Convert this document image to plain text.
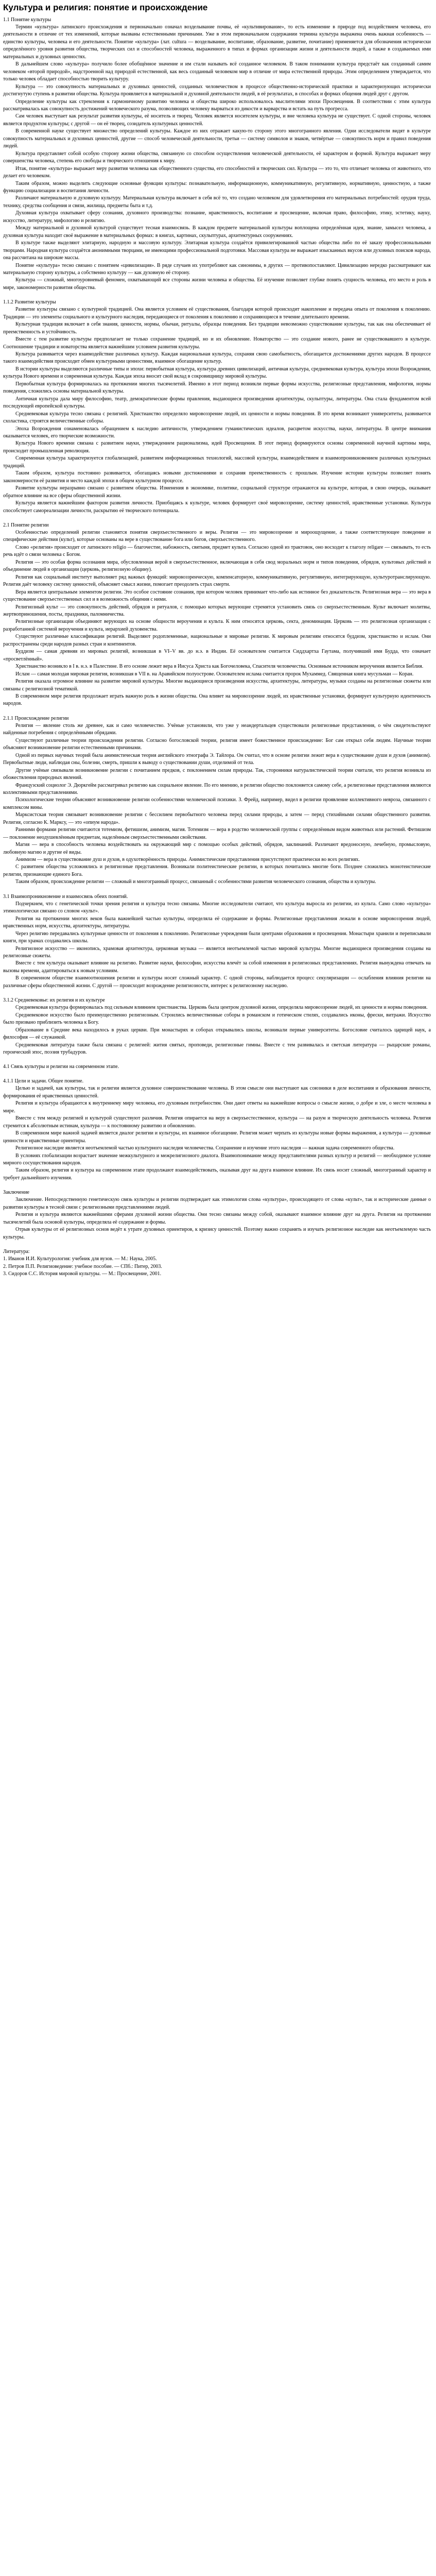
Культура и религия: понятие и происхождение

1.1 Понятие культуры

Термин «культура» латинского происхождения и первоначально означал возделывание почвы, её «культивирование», то есть изменение в природе под воздействием человека, его деятельности в отличие от тех изменений, которые вызваны естественными причинами. Уже в этом первоначальном содержании термина культура выражена очень важная особенность — единство культуры, человека и его деятельности. Понятие «культура» (лат. cultura — возделывание, воспитание, образование, развитие, почитание) применяется для обозначения исторически определённого уровня развития общества, творческих сил и способностей человека, выраженного в типах и формах организации жизни и деятельности людей, а также в создаваемых ими материальных и духовных ценностях.

В дальнейшем слово «культура» получило более обобщённое значение и им стали называть всё созданное человеком. В таком понимании культура предстаёт как созданный самим человеком «второй природой», надстроенной над природой естественной, как весь созданный человеком мир в отличие от мира естественной природы. Этим определением утверждается, что только человек обладает способностью творить культуру.

Культура — это совокупность материальных и духовных ценностей, созданных человечеством в процессе общественно-исторической практики и характеризующих исторически достигнутую ступень в развитии общества. Культура проявляется в материальной и духовной деятельности людей, в её результатах, в способах и формах общения людей друг с другом.

Определение культуры как стремления к гармоничному развитию человека и общества широко использовалось мыслителями эпохи Просвещения. В соответствии с этим культура рассматривалась как совокупность достижений человеческого разума, позволяющих человеку вырваться из дикости и варварства и встать на путь прогресса.

Сам человек выступает как результат развития культуры, её носитель и творец. Человек является носителем культуры, и вне человека культура не существует. С одной стороны, человек является продуктом культуры; с другой — он её творец, созидатель культурных ценностей.

В современной науке существует множество определений культуры. Каждое из них отражает какую-то сторону этого многогранного явления. Одни исследователи видят в культуре совокупность материальных и духовных ценностей, другие — способ человеческой деятельности, третьи — систему символов и знаков, четвёртые — совокупность норм и правил поведения людей.

Культура представляет собой особую сторону жизни общества, связанную со способом осуществления человеческой деятельности, её характером и формой. Культура выражает меру совершенства человека, степень его свободы и творческого отношения к миру.

Итак, понятие «культура» выражает меру развития человека как общественного существа, его способностей и творческих сил. Культура — это то, что отличает человека от животного, что делает его человеком.

Таким образом, можно выделить следующие основные функции культуры: познавательную, информационную, коммуникативную, регулятивную, нормативную, ценностную, а также функцию социализации и воспитания личности.

Различают материальную и духовную культуру. Материальная культура включает в себя всё то, что создано человеком для удовлетворения его материальных потребностей: орудия труда, технику, средства сообщения и связи, жилища, предметы быта и т.д.

Духовная культура охватывает сферу сознания, духовного производства: познание, нравственность, воспитание и просвещение, включая право, философию, этику, эстетику, науку, искусство, литературу, мифологию и религию.

Между материальной и духовной культурой существует тесная взаимосвязь. В каждом предмете материальной культуры воплощена определённая идея, знание, замысел человека, а духовная культура находит своё выражение в материальных формах: в книгах, картинах, скульптурах, архитектурных сооружениях.

В культуре также выделяют элитарную, народную и массовую культуру. Элитарная культура создаётся привилегированной частью общества либо по её заказу профессиональными творцами. Народная культура создаётся анонимными творцами, не имеющими профессиональной подготовки. Массовая культура не выражает изысканных вкусов или духовных поисков народа, она рассчитана на широкие массы.

Понятие «культура» тесно связано с понятием «цивилизация». В ряде случаев их употребляют как синонимы, в других — противопоставляют. Цивилизацию нередко рассматривают как материальную сторону культуры, а собственно культуру — как духовную её сторону.

Культура — сложный, многоуровневый феномен, охватывающий все стороны жизни человека и общества. Её изучение позволяет глубже понять сущность человека, его место и роль в мире, закономерности развития общества.

1.1.2 Развитие культуры

Развитие культуры связано с культурной традицией. Она является условием её существования, благодаря которой происходит накопление и передача опыта от поколения к поколению. Традиции — это элементы социального и культурного наследия, передающиеся от поколения к поколению и сохраняющиеся в течение длительного времени.

Культурная традиция включает в себя знания, ценности, нормы, обычаи, ритуалы, образцы поведения. Без традиции невозможно существование культуры, так как она обеспечивает её преемственность и устойчивость.

Вместе с тем развитие культуры предполагает не только сохранение традиций, но и их обновление. Новаторство — это создание нового, ранее не существовавшего в культуре. Соотношение традиции и новаторства является важнейшим условием развития культуры.

Культура развивается через взаимодействие различных культур. Каждая национальная культура, сохраняя свою самобытность, обогащается достижениями других народов. В процессе такого взаимодействия происходит обмен культурными ценностями, взаимное обогащение культур.

В истории культуры выделяются различные типы и эпохи: первобытная культура, культура древних цивилизаций, античная культура, средневековая культура, культура эпохи Возрождения, культура Нового времени и современная культура. Каждая эпоха вносит свой вклад в сокровищницу мировой культуры.

Первобытная культура формировалась на протяжении многих тысячелетий. Именно в этот период возникли первые формы искусства, религиозные представления, мифология, нормы поведения, сложились основы материальной культуры.

Античная культура дала миру философию, театр, демократические формы правления, выдающиеся произведения архитектуры, скульптуры, литературы. Она стала фундаментом всей последующей европейской культуры.

Средневековая культура тесно связана с религией. Христианство определяло мировоззрение людей, их ценности и нормы поведения. В это время возникают университеты, развивается схоластика, строятся величественные соборы.

Эпоха Возрождения ознаменовалась обращением к наследию античности, утверждением гуманистических идеалов, расцветом искусства, науки, литературы. В центре внимания оказывается человек, его творческие возможности.

Культура Нового времени связана с развитием науки, утверждением рационализма, идей Просвещения. В этот период формируются основы современной научной картины мира, происходит промышленная революция.

Современная культура характеризуется глобализацией, развитием информационных технологий, массовой культуры, взаимодействием и взаимопроникновением различных культурных традиций.

Таким образом, культура постоянно развивается, обогащаясь новыми достижениями и сохраняя преемственность с прошлым. Изучение истории культуры позволяет понять закономерности её развития и место каждой эпохи в общем культурном процессе.

Развитие культуры неразрывно связано с развитием общества. Изменения в экономике, политике, социальной структуре отражаются на культуре, которая, в свою очередь, оказывает обратное влияние на все сферы общественной жизни.

Культура является важнейшим фактором развития личности. Приобщаясь к культуре, человек формирует своё мировоззрение, систему ценностей, нравственные установки. Культура способствует самореализации личности, раскрытию её творческого потенциала.

2.1 Понятие религии

Особенностью определений религии становятся понятия сверхъестественного и веры. Религия — это мировоззрение и мироощущение, а также соответствующее поведение и специфические действия (культ), которые основаны на вере в существование бога или богов, сверхъестественного.

Слово «религия» происходит от латинского religio — благочестие, набожность, святыня, предмет культа. Согласно одной из трактовок, оно восходит к глаголу religare — связывать, то есть речь идёт о связи человека с Богом.

Религия — это особая форма осознания мира, обусловленная верой в сверхъестественное, включающая в себя свод моральных норм и типов поведения, обрядов, культовых действий и объединение людей в организации (церковь, религиозную общину).

Религия как социальный институт выполняет ряд важных функций: мировоззренческую, компенсаторную, коммуникативную, регулятивную, интегрирующую, культуротранслирующую. Религия даёт человеку систему ценностей, объясняет смысл жизни, помогает преодолеть страх смерти.

Вера является центральным элементом религии. Это особое состояние сознания, при котором человек принимает что-либо как истинное без доказательств. Религиозная вера — это вера в существование сверхъестественных сил и в возможность общения с ними.

Религиозный культ — это совокупность действий, обрядов и ритуалов, с помощью которых верующие стремятся установить связь со сверхъестественным. Культ включает молитвы, жертвоприношения, посты, праздники, паломничества.

Религиозные организации объединяют верующих на основе общности вероучения и культа. К ним относятся церковь, секта, деноминация. Церковь — это религиозная организация с разработанной системой вероучения и культа, иерархией духовенства.

Существуют различные классификации религий. Выделяют родоплеменные, национальные и мировые религии. К мировым религиям относятся буддизм, христианство и ислам. Они распространены среди народов разных стран и континентов.

Буддизм — самая древняя из мировых религий, возникшая в VI–V вв. до н.э. в Индии. Её основателем считается Сиддхартха Гаутама, получивший имя Будда, что означает «просветлённый».

Христианство возникло в I в. н.э. в Палестине. В его основе лежит вера в Иисуса Христа как Богочеловека, Спасителя человечества. Основным источником вероучения является Библия.

Ислам — самая молодая мировая религия, возникшая в VII в. на Аравийском полуострове. Основателем ислама считается пророк Мухаммед. Священная книга мусульман — Коран.

Религия оказала огромное влияние на развитие мировой культуры. Многие выдающиеся произведения искусства, архитектуры, литературы, музыки созданы на религиозные сюжеты или связаны с религиозной тематикой.

В современном мире религия продолжает играть важную роль в жизни общества. Она влияет на мировоззрение людей, их нравственные установки, формирует культурную идентичность народов.

2.1.1 Происхождение религии

Религия — явление столь же древнее, как и само человечество. Учёные установили, что уже у неандертальцев существовали религиозные представления, о чём свидетельствуют найденные погребения с определёнными обрядами.

Существуют различные теории происхождения религии. Согласно богословской теории, религия имеет божественное происхождение: Бог сам открыл себя людям. Научные теории объясняют возникновение религии естественными причинами.

Одной из первых научных теорий была анимистическая теория английского этнографа Э. Тайлора. Он считал, что в основе религии лежит вера в существование души и духов (анимизм). Первобытные люди, наблюдая сны, болезни, смерть, пришли к выводу о существовании души, отделимой от тела.

Другие учёные связывали возникновение религии с почитанием предков, с поклонением силам природы. Так, сторонники натуралистической теории считали, что религия возникла из обожествления природных явлений.

Французский социолог Э. Дюркгейм рассматривал религию как социальное явление. По его мнению, в религии общество поклоняется самому себе, а религиозные представления являются коллективными представлениями.

Психологические теории объясняют возникновение религии особенностями человеческой психики. З. Фрейд, например, видел в религии проявление коллективного невроза, связанного с комплексом вины.

Марксистская теория связывает возникновение религии с бессилием первобытного человека перед силами природы, а затем — перед стихийными силами общественного развития. Религия, согласно К. Марксу, — это «опиум народа».

Ранними формами религии считаются тотемизм, фетишизм, анимизм, магия. Тотемизм — вера в родство человеческой группы с определённым видом животных или растений. Фетишизм — поклонение неодушевлённым предметам, наделённым сверхъестественными свойствами.

Магия — вера в способность человека воздействовать на окружающий мир с помощью особых действий, обрядов, заклинаний. Различают вредоносную, лечебную, промысловую, любовную магию и другие её виды.

Анимизм — вера в существование душ и духов, в одухотворённость природы. Анимистические представления присутствуют практически во всех религиях.

С развитием общества усложнялись и религиозные представления. Возникали политеистические религии, в которых почитались многие боги. Позднее сложились монотеистические религии, признающие единого Бога.

Таким образом, происхождение религии — сложный и многогранный процесс, связанный с особенностями развития человеческого сознания, общества и культуры.

3.1 Взаимопроникновение и взаимосвязь обеих понятий.

Подчеркнем, что с генетической точки зрения религия и культура тесно связаны. Многие исследователи считают, что культура выросла из религии, из культа. Само слово «культура» этимологически связано со словом «культ».

Религия на протяжении многих веков была важнейшей частью культуры, определяла её содержание и формы. Религиозные представления лежали в основе мировоззрения людей, нравственных норм, искусства, архитектуры, литературы.

Через религию передавались культурные ценности от поколения к поколению. Религиозные учреждения были центрами образования и просвещения. Монастыри хранили и переписывали книги, при храмах создавались школы.

Религиозное искусство — иконопись, храмовая архитектура, церковная музыка — является неотъемлемой частью мировой культуры. Многие выдающиеся произведения созданы на религиозные сюжеты.

Вместе с тем культура оказывает влияние на религию. Развитие науки, философии, искусства влечёт за собой изменения в религиозных представлениях. Религия вынуждена отвечать на вызовы времени, адаптироваться к новым условиям.

В современном обществе взаимоотношения религии и культуры носят сложный характер. С одной стороны, наблюдается процесс секуляризации — ослабления влияния религии на различные сферы общественной жизни. С другой — происходит возрождение религиозности, интерес к религиозному наследию.

3.1.2 Средневековье: их религия и их культуре

Средневековая культура формировалась под сильным влиянием христианства. Церковь была центром духовной жизни, определяла мировоззрение людей, их ценности и нормы поведения.

Средневековое искусство было преимущественно религиозным. Строились величественные соборы в романском и готическом стилях, создавались иконы, фрески, витражи. Искусство было призвано приблизить человека к Богу.

Образование в Средние века находилось в руках церкви. При монастырях и соборах открывались школы, возникали первые университеты. Богословие считалось царицей наук, а философия — её служанкой.

Средневековая литература также была связана с религией: жития святых, проповеди, религиозные гимны. Вместе с тем развивалась и светская литература — рыцарские романы, героический эпос, поэзия трубадуров.

4.1 Связь культуры и религии на современном этапе.

4.1.1 Цели и задачи. Общее понятие.

Целью и задачей, как культуры, так и религии является духовное совершенствование человека. В этом смысле они выступают как союзники в деле воспитания и образования личности, формирования её нравственных ценностей.

Религия и культура обращаются к внутреннему миру человека, его духовным потребностям. Они дают ответы на важнейшие вопросы о смысле жизни, о добре и зле, о месте человека в мире.

Вместе с тем между религией и культурой существуют различия. Религия опирается на веру в сверхъестественное, культура — на разум и творческую деятельность человека. Религия стремится к абсолютным истинам, культура — к постоянному развитию и обновлению.

В современном мире важной задачей является диалог религии и культуры, их взаимное обогащение. Религия может черпать из культуры новые формы выражения, а культура — духовные ценности и нравственные ориентиры.

Религиозное наследие является неотъемлемой частью культурного наследия человечества. Сохранение и изучение этого наследия — важная задача современного общества.

В условиях глобализации возрастает значение межкультурного и межрелигиозного диалога. Взаимопонимание между представителями разных культур и религий — необходимое условие мирного сосуществования народов.

Таким образом, религия и культура на современном этапе продолжают взаимодействовать, оказывая друг на друга взаимное влияние. Их связь носит сложный, многогранный характер и требует дальнейшего изучения.

Заключение

Заключение. Непосредственную генетическую связь культуры и религии подтверждает как этимология слова «культура», происходящего от слова «культ», так и исторические данные о развитии культуры в тесной связи с религиозными представлениями людей.

Религия и культура являются важнейшими сферами духовной жизни общества. Они тесно связаны между собой, оказывают взаимное влияние друг на друга. Религия на протяжении тысячелетий была основой культуры, определяла её содержание и формы.

Отрыв культуры от её религиозных основ ведёт к утрате духовных ориентиров, к кризису ценностей. Поэтому важно сохранять и изучать религиозное наследие как неотъемлемую часть культуры.

Литература:

1. Иванов И.И. Культурология: учебник для вузов. — М.: Наука, 2005.

2. Петров П.П. Религиоведение: учебное пособие. — СПб.: Питер, 2003.

3. Сидоров С.С. История мировой культуры. — М.: Просвещение, 2001.
